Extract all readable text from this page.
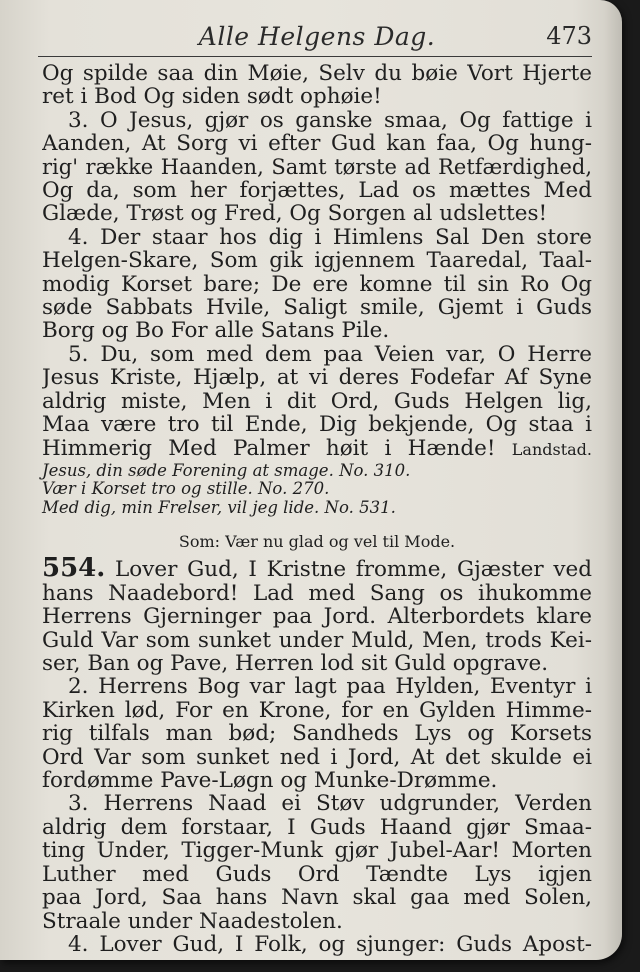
Alle Helgens Dag.	473
Og spilde saa din Møie, Selv du bøie Vort Hjerte
ret i Bod Og siden sødt ophøie!
3. O Jesus, gjør os ganske smaa, Og fattige i
Aanden, At Sorg vi efter Gud kan faa, Og hung-
rig' række Haanden, Samt tørste ad Retfærdighed,
Og da, som her forjættes, Lad os mættes Med
Glæde, Trøst og Fred, Og Sorgen al udslettes!
4. Der staar hos dig i Himlens Sal Den store
Helgen-Skare, Som gik igjennem Taaredal, Taal-
modig Korset bare; De ere komne til sin Ro Og
søde Sabbats Hvile, Saligt smile, Gjemt i Guds
Borg og Bo For alle Satans Pile.
5. Du, som med dem paa Veien var, O Herre
Jesus Kriste, Hjælp, at vi deres Fodefar Af Syne
aldrig miste, Men i dit Ord, Guds Helgen lig,
Maa være tro til Ende, Dig bekjende, Og staa i
Himmerig Med Palmer høit i Hænde! Landstad.
Jesus, din søde Forening at smage. No. 310.
Vær i Korset tro og stille. No. 270.
Med dig, min Frelser, vil jeg lide. No. 531.
Som: Vær nu glad og vel til Mode.
554. Lover Gud, I Kristne fromme, Gjæster ved
hans Naadebord! Lad med Sang os ihukomme
Herrens Gjerninger paa Jord. Alterbordets klare
Guld Var som sunket under Muld, Men, trods Kei-
ser, Ban og Pave, Herren lod sit Guld opgrave.
2. Herrens Bog var lagt paa Hylden, Eventyr i
Kirken lød, For en Krone, for en Gylden Himme-
rig tilfals man bød; Sandheds Lys og Korsets
Ord Var som sunket ned i Jord, At det skulde ei
fordømme Pave-Løgn og Munke-Drømme.
3. Herrens Naad ei Støv udgrunder, Verden
aldrig dem forstaar, I Guds Haand gjør Smaa-
ting Under, Tigger-Munk gjør Jubel-Aar! Morten
Luther med Guds Ord Tændte Lys igjen
paa Jord, Saa hans Navn skal gaa med Solen,
Straale under Naadestolen.
4. Lover Gud, I Folk, og sjunger: Guds Apost-
